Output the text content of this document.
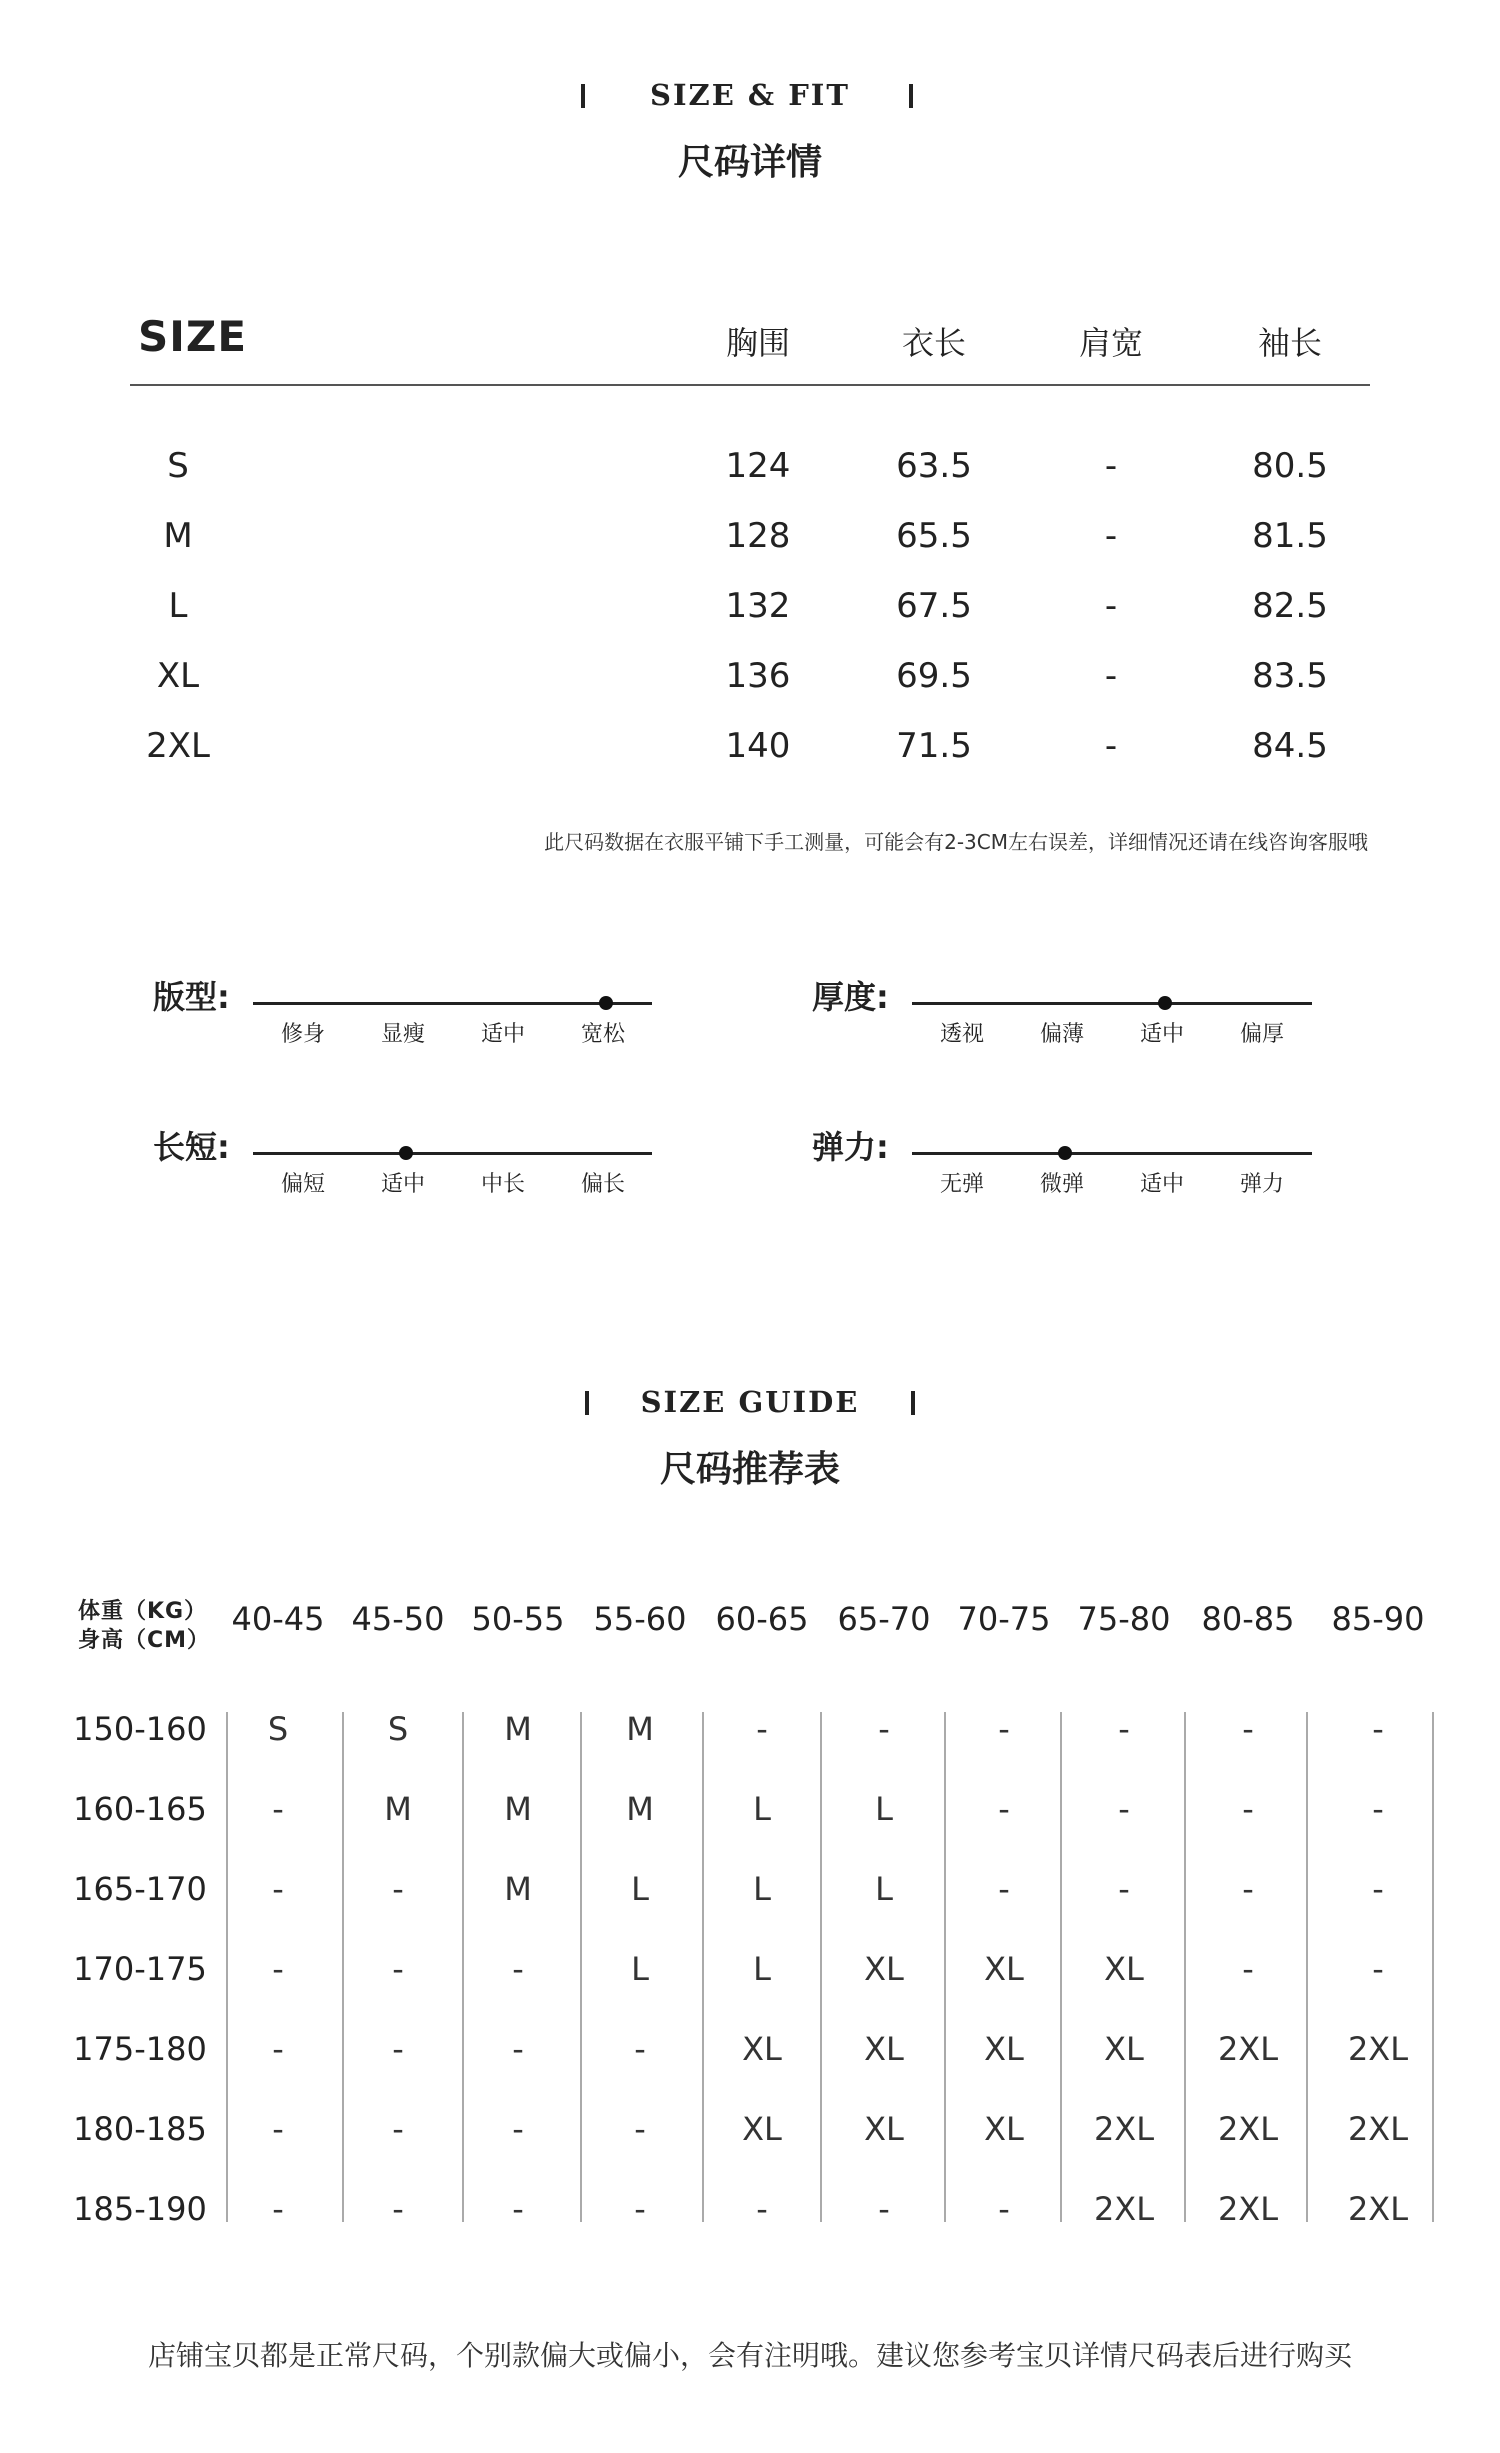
SIZE & FIT
尺码详情
SIZE	胸围	衣长	肩宽	袖长
S	124	63.5	-	80.5
M	128	65.5	-	81.5
L	132	67.5	-	82.5
XL	136	69.5	-	83.5
2XL	140	71.5	-	84.5
此尺码数据在衣服平铺下手工测量，可能会有2-3CM左右误差，详细情况还请在线咨询客服哦
版型:
修身	显瘦	适中	宽松
厚度:
透视	偏薄	适中	偏厚
长短:
偏短	适中	中长	偏长
弹力:
无弹	微弹	适中	弹力
SIZE GUIDE
尺码推荐表
体重（KG）
身高（CM）
40-45 45-50 50-55 55-60 60-65 65-70 70-75 75-80 80-85	85-90
150-160	S	S	M	M	-	-	-	-	-	-
160-165	-	M	M	M	L	L	-	-	-	-
165-170	-	-	M	L	L	L	-	-	-	-
170-175	-	-	-	L	L	XL	XL	XL	-	-
175-180	-	-	-	-	XL	XL	XL	XL	2XL	2XL
180-185	-	-	-	-	XL	XL	XL	2XL	2XL	2XL
185-190	-	-	-	-	-	-	-	2XL	2XL	2XL
店铺宝贝都是正常尺码，个别款偏大或偏小，会有注明哦。建议您参考宝贝详情尺码表后进行购买
